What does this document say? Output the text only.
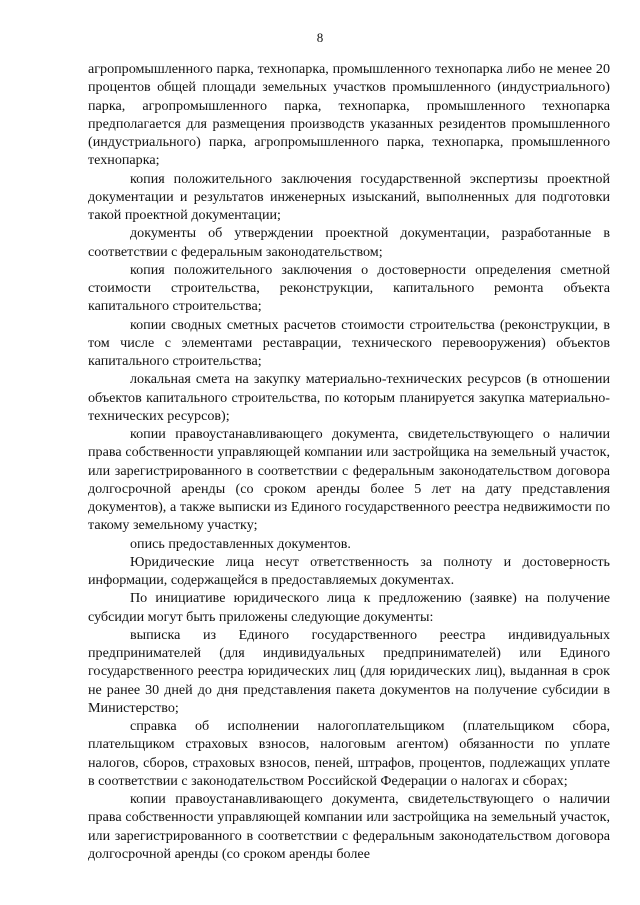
8

агропромышленного парка, технопарка, промышленного технопарка либо не менее 20 процентов общей площади земельных участков промышленного (индустриального) парка, агропромышленного парка, технопарка, промышленного технопарка предполагается для размещения производств указанных резидентов промышленного (индустриального) парка, агропромышленного парка, технопарка, промышленного технопарка;

копия положительного заключения государственной экспертизы проектной документации и результатов инженерных изысканий, выполненных для подготовки такой проектной документации;

документы об утверждении проектной документации, разработанные в соответствии с федеральным законодательством;

копия положительного заключения о достоверности определения сметной стоимости строительства, реконструкции, капитального ремонта объекта капитального строительства;

копии сводных сметных расчетов стоимости строительства (реконструкции, в том числе с элементами реставрации, технического перевооружения) объектов капитального строительства;

локальная смета на закупку материально-технических ресурсов (в отношении объектов капитального строительства, по которым планируется закупка материально-технических ресурсов);

копии правоустанавливающего документа, свидетельствующего о наличии права собственности управляющей компании или застройщика на земельный участок, или зарегистрированного в соответствии с федеральным законодательством договора долгосрочной аренды (со сроком аренды более 5 лет на дату представления документов), а также выписки из Единого государственного реестра недвижимости по такому земельному участку;

опись предоставленных документов.

Юридические лица несут ответственность за полноту и достоверность информации, содержащейся в предоставляемых документах.

По инициативе юридического лица к предложению (заявке) на получение субсидии могут быть приложены следующие документы:

выписка из Единого государственного реестра индивидуальных предпринимателей (для индивидуальных предпринимателей) или Единого государственного реестра юридических лиц (для юридических лиц), выданная в срок не ранее 30 дней до дня представления пакета документов на получение субсидии в Министерство;

справка об исполнении налогоплательщиком (плательщиком сбора, плательщиком страховых взносов, налоговым агентом) обязанности по уплате налогов, сборов, страховых взносов, пеней, штрафов, процентов, подлежащих уплате в соответствии с законодательством Российской Федерации о налогах и сборах;

копии правоустанавливающего документа, свидетельствующего о наличии права собственности управляющей компании или застройщика на земельный участок, или зарегистрированного в соответствии с федеральным законодательством договора долгосрочной аренды (со сроком аренды более
